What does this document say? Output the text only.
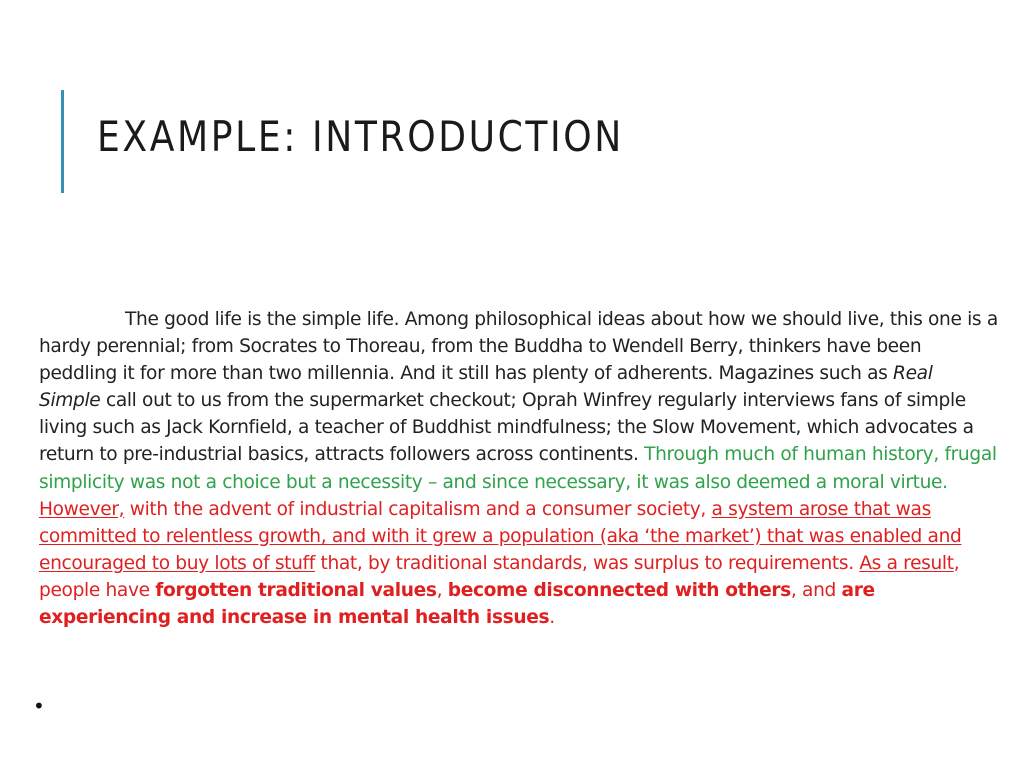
EXAMPLE: INTRODUCTION

The good life is the simple life. Among philosophical ideas about how we should live, this one is a hardy perennial; from Socrates to Thoreau, from the Buddha to Wendell Berry, thinkers have been peddling it for more than two millennia. And it still has plenty of adherents. Magazines such as Real Simple call out to us from the supermarket checkout; Oprah Winfrey regularly interviews fans of simple living such as Jack Kornfield, a teacher of Buddhist mindfulness; the Slow Movement, which advocates a return to pre-industrial basics, attracts followers across continents. Through much of human history, frugal simplicity was not a choice but a necessity – and since necessary, it was also deemed a moral virtue. However, with the advent of industrial capitalism and a consumer society, a system arose that was committed to relentless growth, and with it grew a population (aka ‘the market’) that was enabled and encouraged to buy lots of stuff that, by traditional standards, was surplus to requirements. As a result, people have forgotten traditional values, become disconnected with others, and are experiencing and increase in mental health issues.

•
